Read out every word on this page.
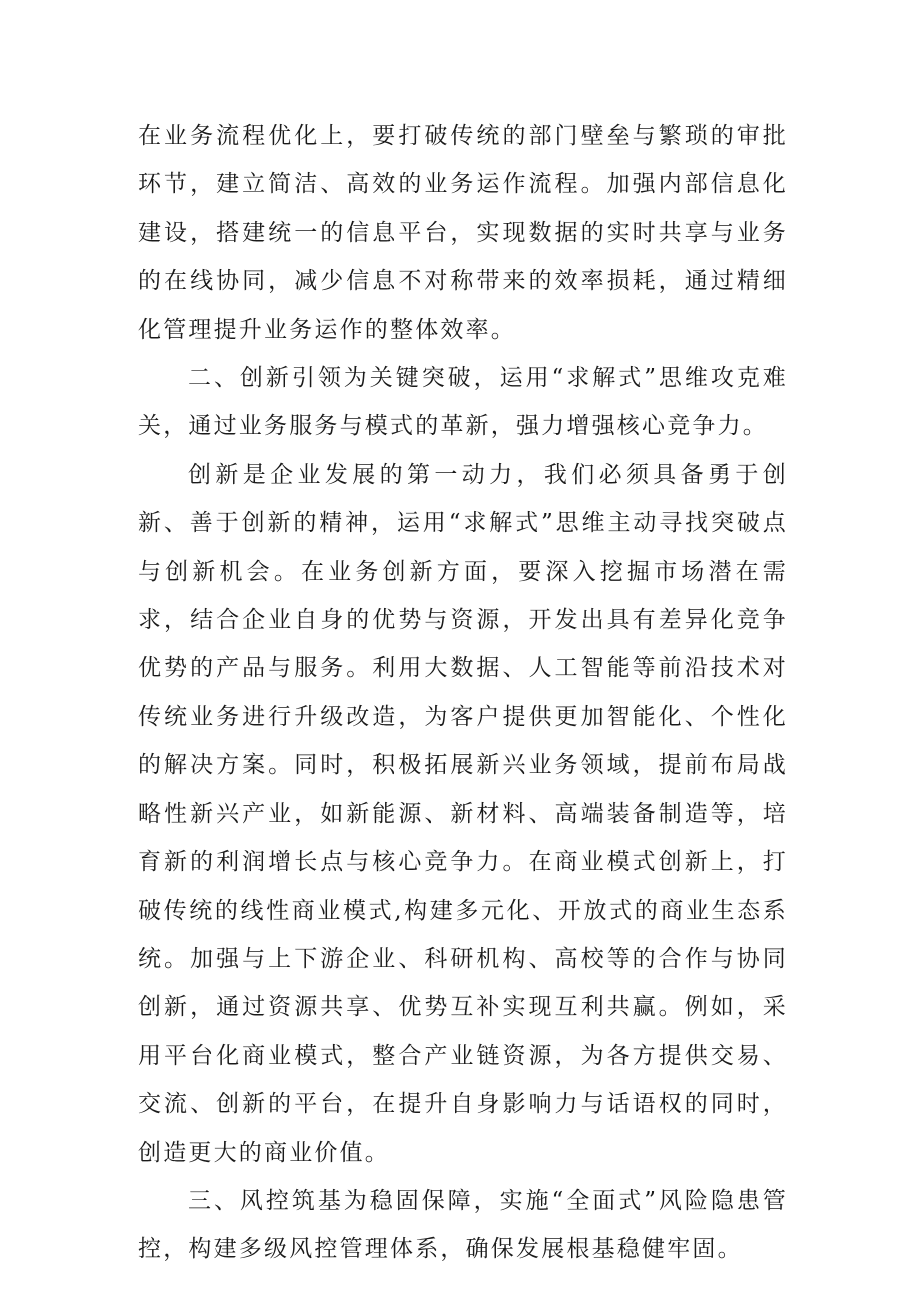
在业务流程优化上，要打破传统的部门壁垒与繁琐的审批环节，建立简洁、高效的业务运作流程。加强内部信息化建设，搭建统一的信息平台，实现数据的实时共享与业务的在线协同，减少信息不对称带来的效率损耗，通过精细化管理提升业务运作的整体效率。

二、创新引领为关键突破，运用“求解式”思维攻克难关，通过业务服务与模式的革新，强力增强核心竞争力。

创新是企业发展的第一动力，我们必须具备勇于创新、善于创新的精神，运用“求解式”思维主动寻找突破点与创新机会。在业务创新方面，要深入挖掘市场潜在需求，结合企业自身的优势与资源，开发出具有差异化竞争优势的产品与服务。利用大数据、人工智能等前沿技术对传统业务进行升级改造，为客户提供更加智能化、个性化的解决方案。同时，积极拓展新兴业务领域，提前布局战略性新兴产业，如新能源、新材料、高端装备制造等，培育新的利润增长点与核心竞争力。在商业模式创新上，打破传统的线性商业模式,构建多元化、开放式的商业生态系统。加强与上下游企业、科研机构、高校等的合作与协同创新，通过资源共享、优势互补实现互利共赢。例如，采用平台化商业模式，整合产业链资源，为各方提供交易、交流、创新的平台，在提升自身影响力与话语权的同时，创造更大的商业价值。

三、风控筑基为稳固保障，实施“全面式”风险隐患管控，构建多级风控管理体系，确保发展根基稳健牢固。
